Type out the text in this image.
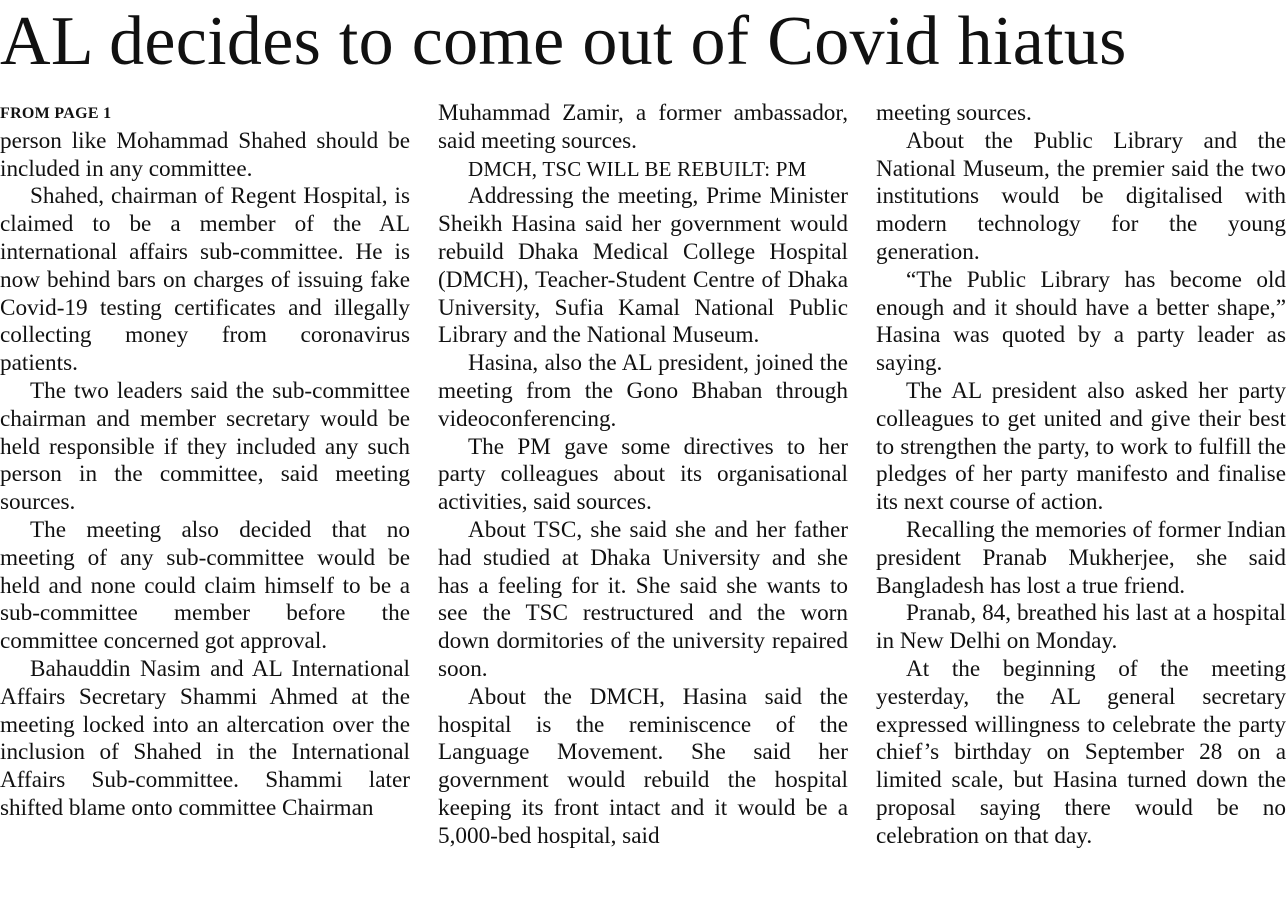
AL decides to come out of Covid hiatus
FROM PAGE 1

person like Mohammad Shahed should be included in any committee.

Shahed, chairman of Regent Hospital, is claimed to be a member of the AL international affairs sub-committee. He is now behind bars on charges of issuing fake Covid-19 testing certificates and illegally collecting money from coronavirus patients.

The two leaders said the sub-committee chairman and member secretary would be held responsible if they included any such person in the committee, said meeting sources.

The meeting also decided that no meeting of any sub-committee would be held and none could claim himself to be a sub-committee member before the committee concerned got approval.

Bahauddin Nasim and AL International Affairs Secretary Shammi Ahmed at the meeting locked into an altercation over the inclusion of Shahed in the International Affairs Sub-committee. Shammi later shifted blame onto committee Chairman

Muhammad Zamir, a former ambassador, said meeting sources.

DMCH, TSC WILL BE REBUILT: PM

Addressing the meeting, Prime Minister Sheikh Hasina said her government would rebuild Dhaka Medical College Hospital (DMCH), Teacher-Student Centre of Dhaka University, Sufia Kamal National Public Library and the National Museum.

Hasina, also the AL president, joined the meeting from the Gono Bhaban through videoconferencing.

The PM gave some directives to her party colleagues about its organisational activities, said sources.

About TSC, she said she and her father had studied at Dhaka University and she has a feeling for it. She said she wants to see the TSC restructured and the worn down dormitories of the university repaired soon.

About the DMCH, Hasina said the hospital is the reminiscence of the Language Movement. She said her government would rebuild the hospital keeping its front intact and it would be a 5,000-bed hospital, said

meeting sources.

About the Public Library and the National Museum, the premier said the two institutions would be digitalised with modern technology for the young generation.

“The Public Library has become old enough and it should have a better shape,” Hasina was quoted by a party leader as saying.

The AL president also asked her party colleagues to get united and give their best to strengthen the party, to work to fulfill the pledges of her party manifesto and finalise its next course of action.

Recalling the memories of former Indian president Pranab Mukherjee, she said Bangladesh has lost a true friend.

Pranab, 84, breathed his last at a hospital in New Delhi on Monday.

At the beginning of the meeting yesterday, the AL general secretary expressed willingness to celebrate the party chief’s birthday on September 28 on a limited scale, but Hasina turned down the proposal saying there would be no celebration on that day.
